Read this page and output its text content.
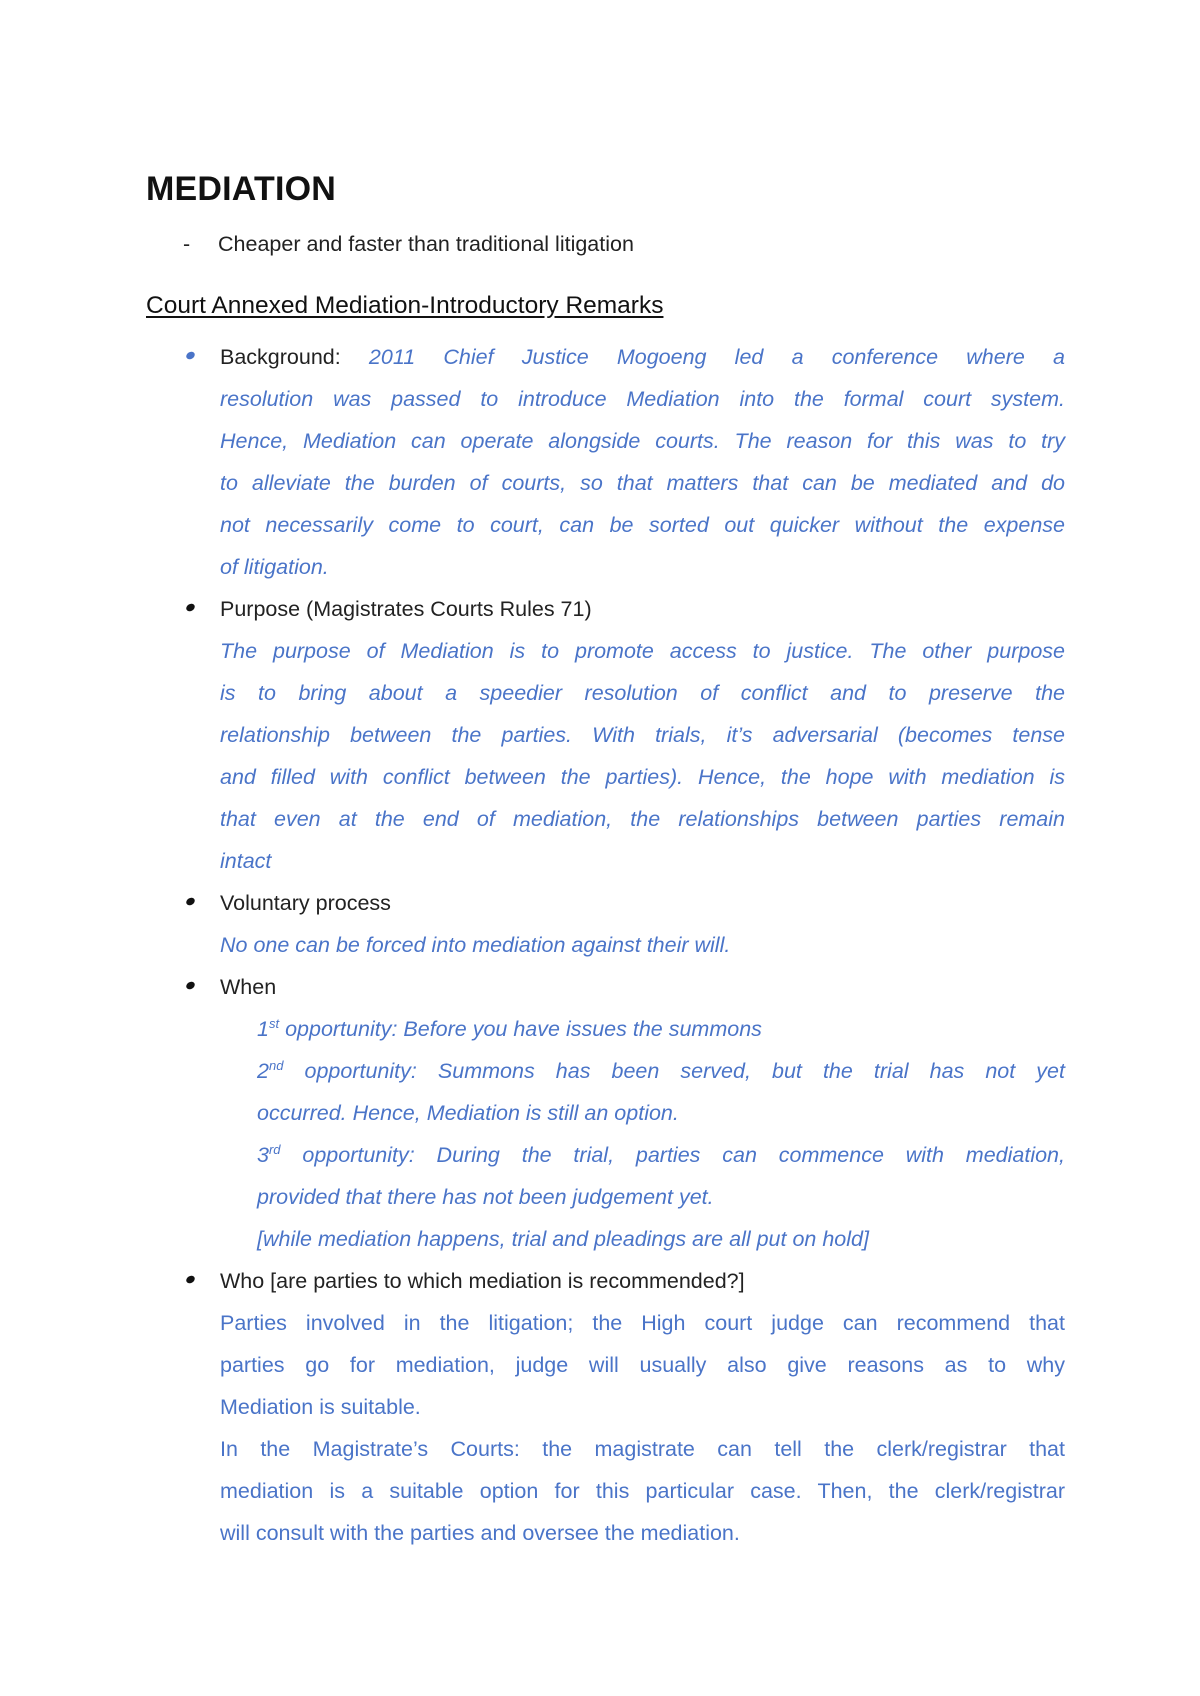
MEDIATION
- Cheaper and faster than traditional litigation
Court Annexed Mediation-Introductory Remarks
Background: 2011 Chief Justice Mogoeng led a conference where a
resolution was passed to introduce Mediation into the formal court system.
Hence, Mediation can operate alongside courts. The reason for this was to try
to alleviate the burden of courts, so that matters that can be mediated and do
not necessarily come to court, can be sorted out quicker without the expense
of litigation.
Purpose (Magistrates Courts Rules 71)
The purpose of Mediation is to promote access to justice. The other purpose
is to bring about a speedier resolution of conflict and to preserve the
relationship between the parties. With trials, it’s adversarial (becomes tense
and filled with conflict between the parties). Hence, the hope with mediation is
that even at the end of mediation, the relationships between parties remain
intact
Voluntary process
No one can be forced into mediation against their will.
When
1st opportunity: Before you have issues the summons
2nd opportunity: Summons has been served, but the trial has not yet
occurred. Hence, Mediation is still an option.
3rd opportunity: During the trial, parties can commence with mediation,
provided that there has not been judgement yet.
[while mediation happens, trial and pleadings are all put on hold]
Who [are parties to which mediation is recommended?]
Parties involved in the litigation; the High court judge can recommend that
parties go for mediation, judge will usually also give reasons as to why
Mediation is suitable.
In the Magistrate’s Courts: the magistrate can tell the clerk/registrar that
mediation is a suitable option for this particular case. Then, the clerk/registrar
will consult with the parties and oversee the mediation.
